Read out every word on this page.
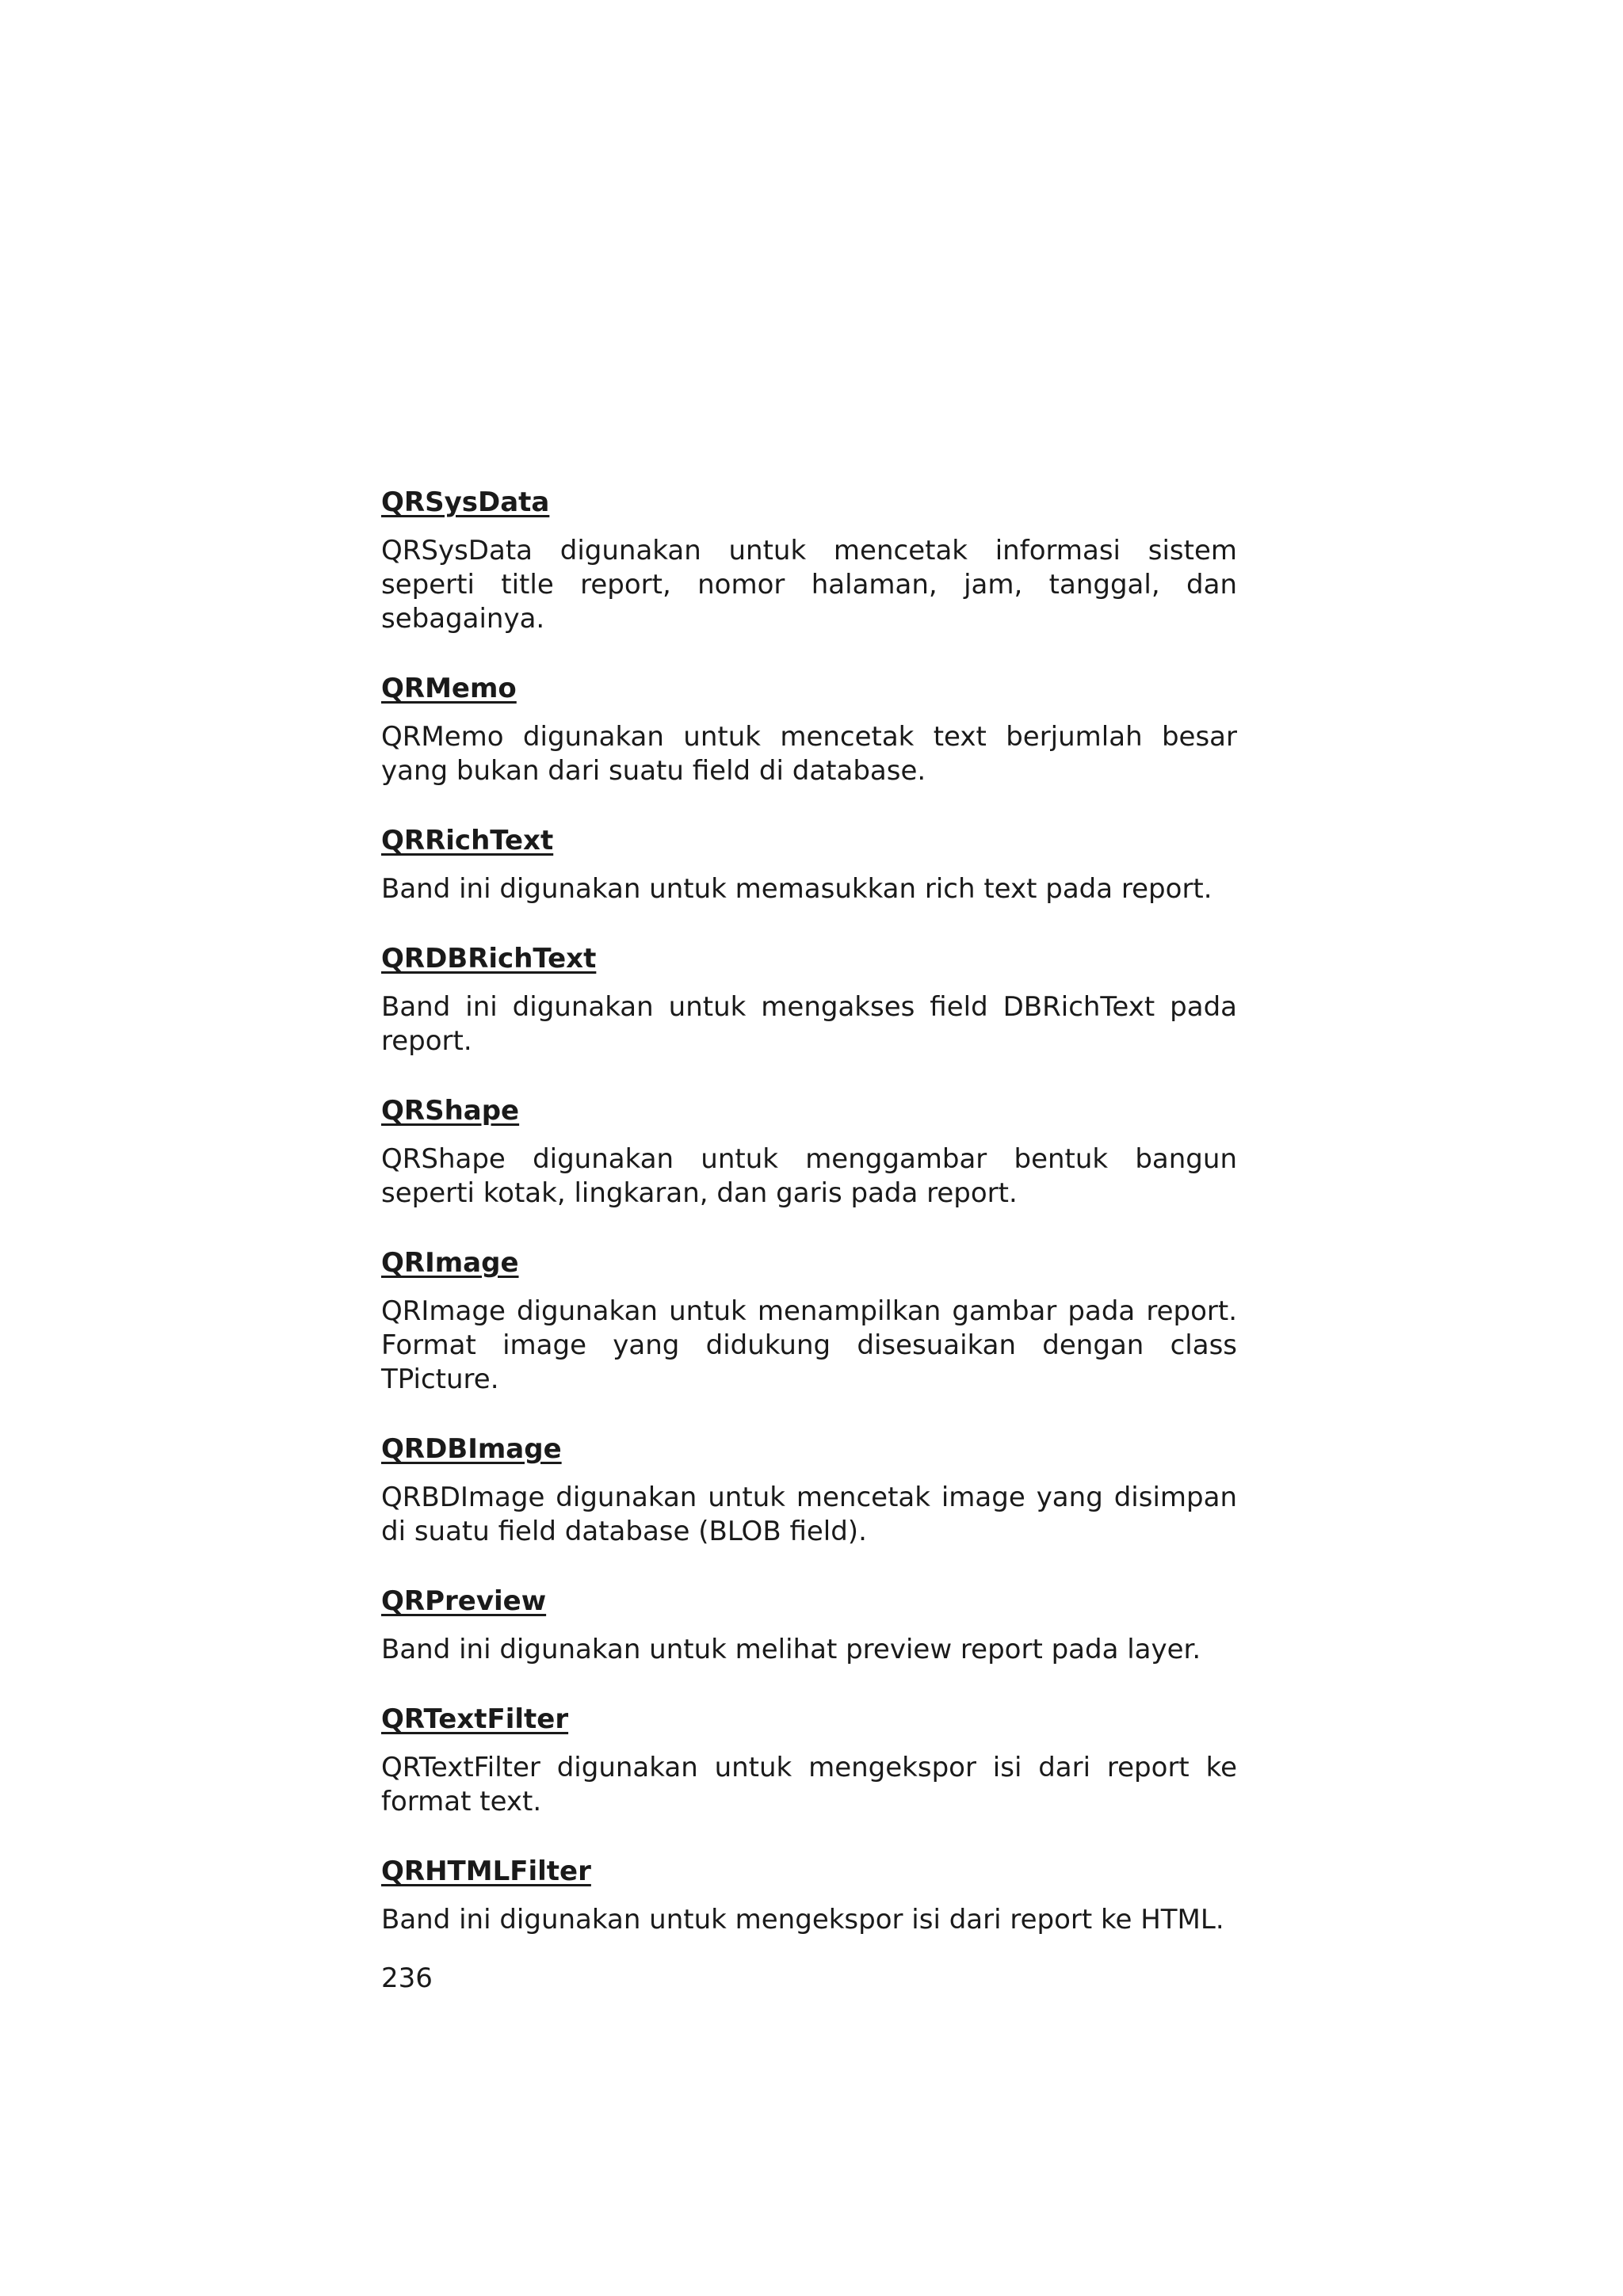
QRSysData

QRSysData digunakan untuk mencetak informasi sistem seperti title report, nomor halaman, jam, tanggal, dan sebagainya.

QRMemo

QRMemo digunakan untuk mencetak text berjumlah besar yang bukan dari suatu field di database.

QRRichText

Band ini digunakan untuk memasukkan rich text pada report.

QRDBRichText

Band ini digunakan untuk mengakses field DBRichText pada report.

QRShape

QRShape digunakan untuk menggambar bentuk bangun seperti kotak, lingkaran, dan garis pada report.

QRImage

QRImage digunakan untuk menampilkan gambar pada report. Format image yang didukung disesuaikan dengan class TPicture.

QRDBImage

QRBDImage digunakan untuk mencetak image yang disimpan di suatu field database (BLOB field).

QRPreview

Band ini digunakan untuk melihat preview report pada layer.

QRTextFilter

QRTextFilter digunakan untuk mengekspor isi dari report ke format text.

QRHTMLFilter

Band ini digunakan untuk mengekspor isi dari report ke HTML.

236
